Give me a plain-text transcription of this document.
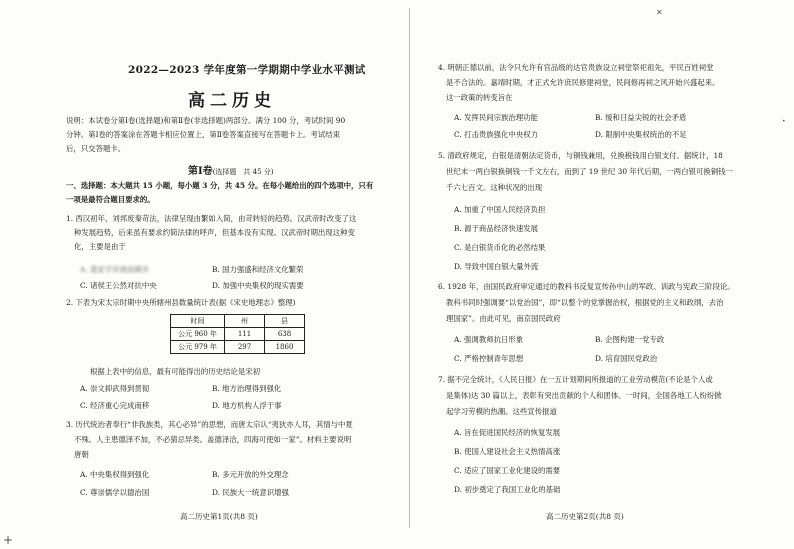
2022—2023 学年度第一学期期中学业水平测试
高二历史
说明：本试卷分第Ⅰ卷(选择题)和第Ⅱ卷(非选择题)两部分。满分 100 分，考试时间 90
分钟。第Ⅰ卷的答案涂在答题卡相应位置上，第Ⅱ卷答案直接写在答题卡上。考试结束
后，只交答题卡。
第Ⅰ卷(选择题　共 45 分)
一、选择题：本大题共 15 小题，每小题 3 分，共 45 分。在每小题给出的四个选项中，只有
一项是最符合题目要求的。
1. 西汉初年，刘邦废秦苛法，法律呈现由繁如入简，由苛转轻的趋势。汉武帝时改变了这
种发展趋势，后来虽有要求约简法律的呼声，但基本没有实现。汉武帝时期出现这种变
化，主要是由于
A. 遣家学说被面瞒弃	B. 国力强盛和经济文化繁荣
C. 诸侯王公然对抗中央	D. 加强中央集权的现实需要
2. 下表为宋太宗时期中央所辖州县数量统计表(据《宋史地理志》整理)
时间	州	县
公元 960 年	111	638
公元 979 年	297	1860
根据上表中的信息，最有可能得出的历史结论是宋初
A. 崇文抑武得到贯彻	B. 地方治理得到强化
C. 经济重心完成南移	D. 地方机构人浮于事
3. 历代统治者奉行“非我族类，其心必异”的思想，而唐太宗认“夷狄亦人耳，其情与中夏
不殊。人主患德泽不加，不必猜忌异类。盖德泽洽，四海可使如一家”。材料主要说明
唐朝
A. 中央集权得到强化	B. 多元开放的外交理念
C. 尊崇儒学以德治国	D. 民族大一统意识增强
高二历史第1页(共8 页)
+
✕
•
4. 明朝正德以前，法令只允许有官品级的达官贵族设立祠堂祭祀祖先，平民百姓祠堂
是不合法的。嘉靖时期，才正式允许庶民修建祠堂，民间修再祠之风开始兴盛起来。
这一政策的转变旨在
A. 发挥民间宗族治理功能	B. 缓和日益尖锐的社会矛盾
C. 打击贵族强化中央权力	D. 限制中央集权统治的不足
5. 清政府规定，白银是清朝法定货币，与铜钱兼用，兑换税钱用白银支付。据统计，18
世纪末一两白银换铜钱一千文左右，而到了 19 世纪 30 年代后期，一两白银可换铜钱一
千六七百文。这种状况的出现
A. 加重了中国人民经济负担
B. 源于商品经济快速发展
C. 是白银货币化的必然结果
D. 导致中国白银大量外流
6. 1928 年，由国民政府审定通过的教科书反复宣传孙中山的军政、训政与宪政三阶段论。
教科书同时强调要“以党治国”，即“以整个的党掌握治权，根据党的主义和政纲，去治
理国家”。由此可见，南京国民政府
A. 强调教师抗日形象	B. 企图构建一党专政
C. 严格控制青年思想	D. 培育国民党政治
7. 据不完全统计，《人民日报》在一五计划期间所报道的工业劳动模范(不论是个人或
是集体)达 30 篇以上，表彰有突出贡献的个人和团体。一时间，全国各地工人纷纷掀
起学习劳模的热潮。这些宣传报道
A. 旨在促进国民经济的恢复发展
B. 使国人建设社会主义热情高涨
C. 适应了国家工业化建设的需要
D. 初步奠定了我国工业化的基础
高二历史第2页(共8 页)
